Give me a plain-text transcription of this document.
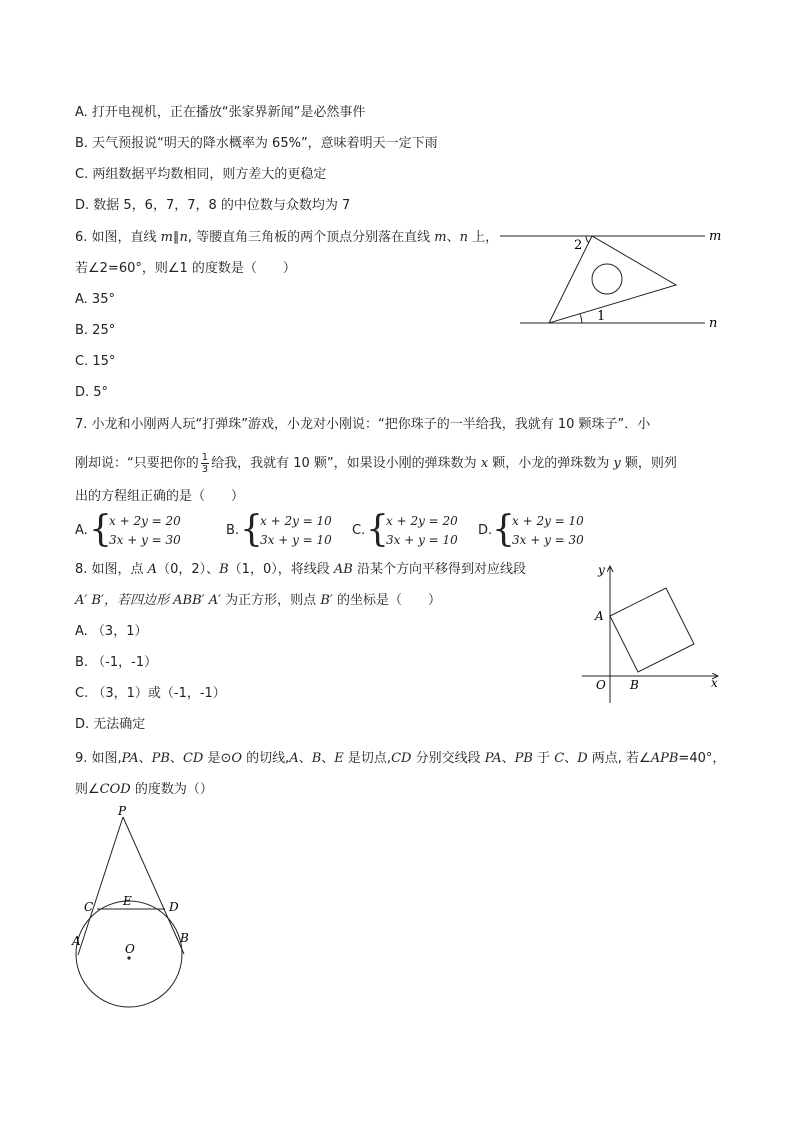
A. 打开电视机，正在播放“张家界新闻”是必然事件
B. 天气预报说“明天的降水概率为 65%”，意味着明天一定下雨
C. 两组数据平均数相同，则方差大的更稳定
D. 数据 5，6，7，7，8 的中位数与众数均为 7
6. 如图，直线 m∥n, 等腰直角三角板的两个顶点分别落在直线 m、n 上，
若∠2=60°，则∠1 的度数是（　　）
A. 35°
B. 25°
C. 15°
D. 5°
2
1
m
n
7. 小龙和小刚两人玩“打弹珠”游戏，小龙对小刚说：“把你珠子的一半给我，我就有 10 颗珠子”．小
刚却说：“只要把你的 $\frac{1}{3}$ 给我，我就有 10 颗”，如果设小刚的弹珠数为 x 颗，小龙的弹珠数为 y 颗，则列
出的方程组正确的是（　　）
A. {
x + 2y = 20
3x + y = 30
B. {
x + 2y = 10
3x + y = 10
C. {
x + 2y = 20
3x + y = 10
D. {
x + 2y = 10
3x + y = 30
8. 如图，点 A（0，2）、B（1，0），将线段 AB 沿某个方向平移得到对应线段
A′ B′，若四边形 ABB′ A′ 为正方形，则点 B′ 的坐标是（　　）
A. （3，1）
B. （-1，-1）
C. （3，1）或（-1，-1）
D. 无法确定
y
x
A
O B
9. 如图,PA、PB、CD 是⊙O 的切线,A、B、E 是切点,CD 分别交线段 PA、PB 于 C、D 两点, 若∠APB=40°，
则∠COD 的度数为（）
P
C E	D
A	B
O
